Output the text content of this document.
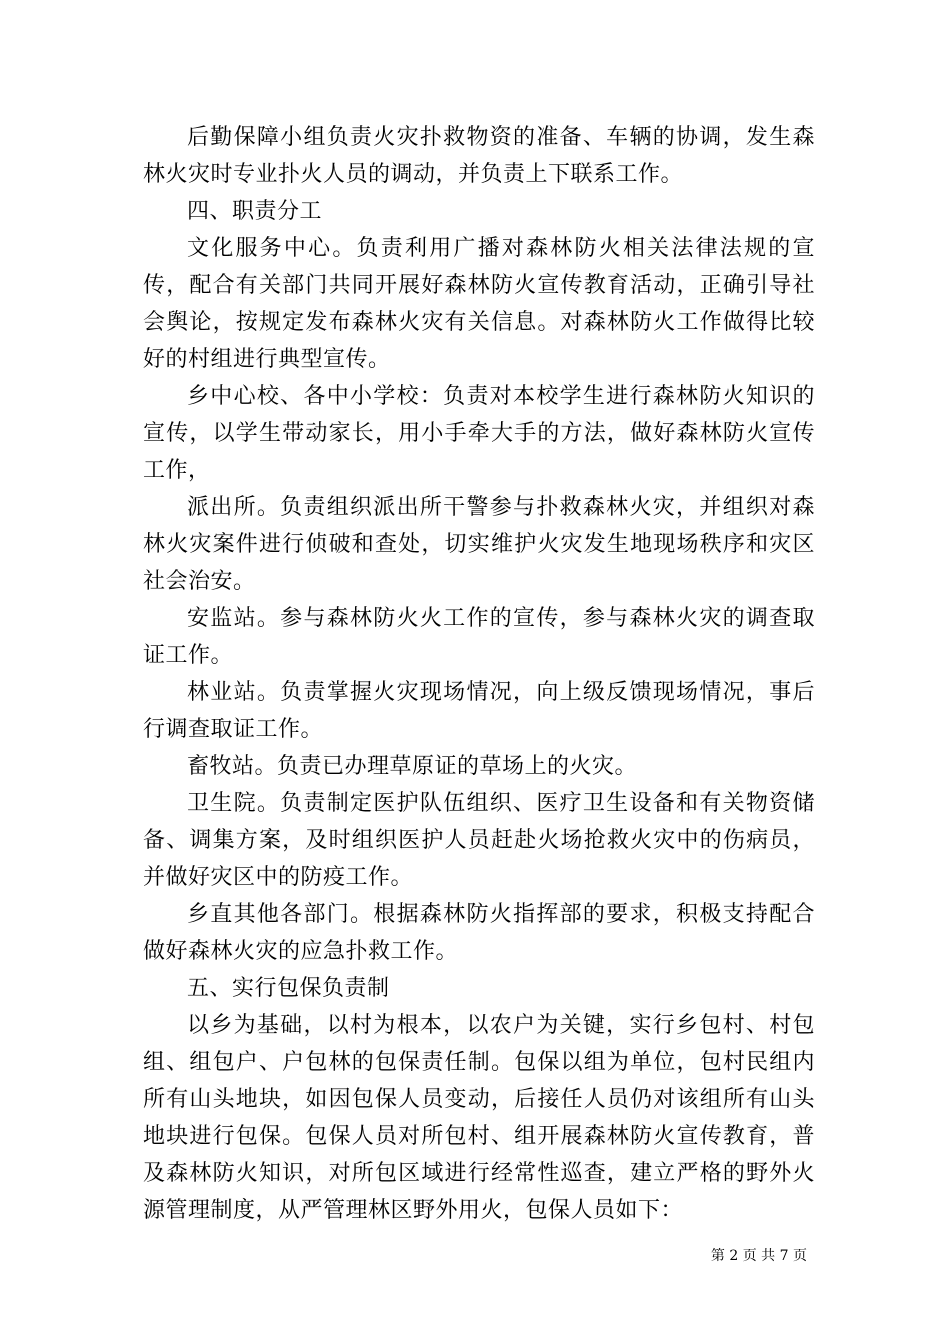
后勤保障小组负责火灾扑救物资的准备、车辆的协调，发生森林火灾时专业扑火人员的调动，并负责上下联系工作。

四、职责分工

文化服务中心。负责利用广播对森林防火相关法律法规的宣传，配合有关部门共同开展好森林防火宣传教育活动，正确引导社会舆论，按规定发布森林火灾有关信息。对森林防火工作做得比较好的村组进行典型宣传。

乡中心校、各中小学校：负责对本校学生进行森林防火知识的宣传，以学生带动家长，用小手牵大手的方法，做好森林防火宣传工作，

派出所。负责组织派出所干警参与扑救森林火灾，并组织对森林火灾案件进行侦破和查处，切实维护火灾发生地现场秩序和灾区社会治安。

安监站。参与森林防火火工作的宣传，参与森林火灾的调查取证工作。

林业站。负责掌握火灾现场情况，向上级反馈现场情况，事后行调查取证工作。

畜牧站。负责已办理草原证的草场上的火灾。

卫生院。负责制定医护队伍组织、医疗卫生设备和有关物资储备、调集方案，及时组织医护人员赶赴火场抢救火灾中的伤病员，并做好灾区中的防疫工作。

乡直其他各部门。根据森林防火指挥部的要求，积极支持配合做好森林火灾的应急扑救工作。

五、实行包保负责制

以乡为基础，以村为根本，以农户为关键，实行乡包村、村包组、组包户、户包林的包保责任制。包保以组为单位，包村民组内所有山头地块，如因包保人员变动，后接任人员仍对该组所有山头地块进行包保。包保人员对所包村、组开展森林防火宣传教育，普及森林防火知识，对所包区域进行经常性巡查，建立严格的野外火源管理制度，从严管理林区野外用火，包保人员如下：

第 2 页 共 7 页
